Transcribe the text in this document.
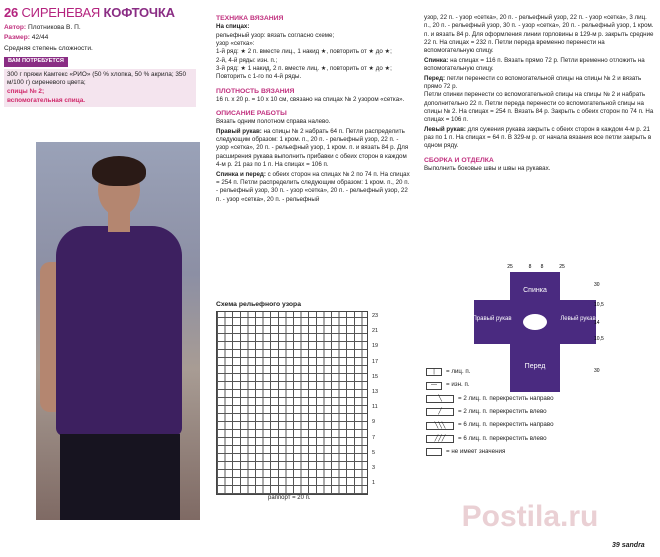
26 СИРЕНЕВАЯ КОФТОЧКА
Автор: Плотникова В. П.
Размер: 42/44
Средняя степень сложности.
ВАМ ПОТРЕБУЕТСЯ
300 г пряжи Камтекс «РИО» (50 % хлопка, 50 % акрила; 350 м/100 г) сиреневого цвета;
спицы № 2;
вспомогательная спица.
ТЕХНИКА ВЯЗАНИЯ
На спицах:
рельефный узор: вязать согласно схеме;
узор «сетка»:
1-й ряд: ★ 2 п. вместе лиц., 1 накид ★, повторить от ★ до ★;
2-й, 4-й ряды: изн. п.;
3-й ряд: ★ 1 накид, 2 п. вместе лиц. ★, повторить от ★ до ★;
Повторить с 1-го по 4-й ряды.
ПЛОТНОСТЬ ВЯЗАНИЯ
16 п. х 20 р. = 10 х 10 см, связано на спицах № 2 узором «сетка».
ОПИСАНИЕ РАБОТЫ
Вязать одним полотном справа налево.
Правый рукав: на спицы № 2 набрать 64 п. Петли распределить следующим образом: 1 кром. п., 20 п. - рельефный узор, 22 п. - узор «сетка», 20 п. - рельефный узор, 1 кром. п. и вязать 84 р. Для расширения рукава выполнить прибавки с обеих сторон в каждом 4-м р. 21 раз по 1 п. На спицах = 106 п.
Спинка и перед: с обеих сторон на спицах № 2 по 74 п. На спицах = 254 п. Петли распределить следующим образом: 1 кром. п., 20 п. - рельефный узор, 30 п. - узор «сетка», 20 п. - рельефный узор, 22 п. - узор «сетка», 20 п. - рельефный
Схема рельефного узора
23
21
19
17
15
13
11
9
7
5
3
1
раппорт = 20 п.
узор, 22 п. - узор «сетка», 20 п. - рельефный узор, 22 п. - узор «сетка», 3 лиц. п., 20 п. - рельефный узор, 30 п. - узор «сетка», 20 п. - рельефный узор, 1 кром. п. и вязать 84 р. Для оформления линии горловины в 129-м р. закрыть средние 22 п. На спицах = 232 п. Петли переда временно перенести на вспомогательную спицу.
Спинка: на спицах = 116 п. Вязать прямо 72 р. Петли временно отложить на вспомогательную спицу.
Перед: петли перенести со вспомогательной спицы на спицы № 2 и вязать прямо 72 р.
Петли спинки перенести со вспомогательной спицы на спицы № 2 и набрать дополнительно 22 п. Петли переда перенести со вспомогательной спицы на спицы № 2. На спицах = 254 п. Вязать 84 р. Закрыть с обеих сторон по 74 п. На спицах = 106 п.
Левый рукав: для сужения рукава закрыть с обеих сторон в каждом 4-м р. 21 раз по 1 п. На спицах = 64 п. В 329-м р. от начала вязания все петли закрыть в одном ряду.
СБОРКА И ОТДЕЛКА
Выполнить боковые швы и швы на рукавах.
Спинка
Правый рукав	Левый рукав
Перед
25	8 8	25
30
10,5
14
10,5
30
|	= лиц. п.
—	= изн. п.
╲	= 2 лиц. п. перекрестить направо
╱	= 2 лиц. п. перекрестить влево
╲╲╲	= 6 лиц. п. перекрестить направо
╱╱╱	= 6 лиц. п. перекрестить влево
= не имеет значения
Postila.ru
39 sandra
